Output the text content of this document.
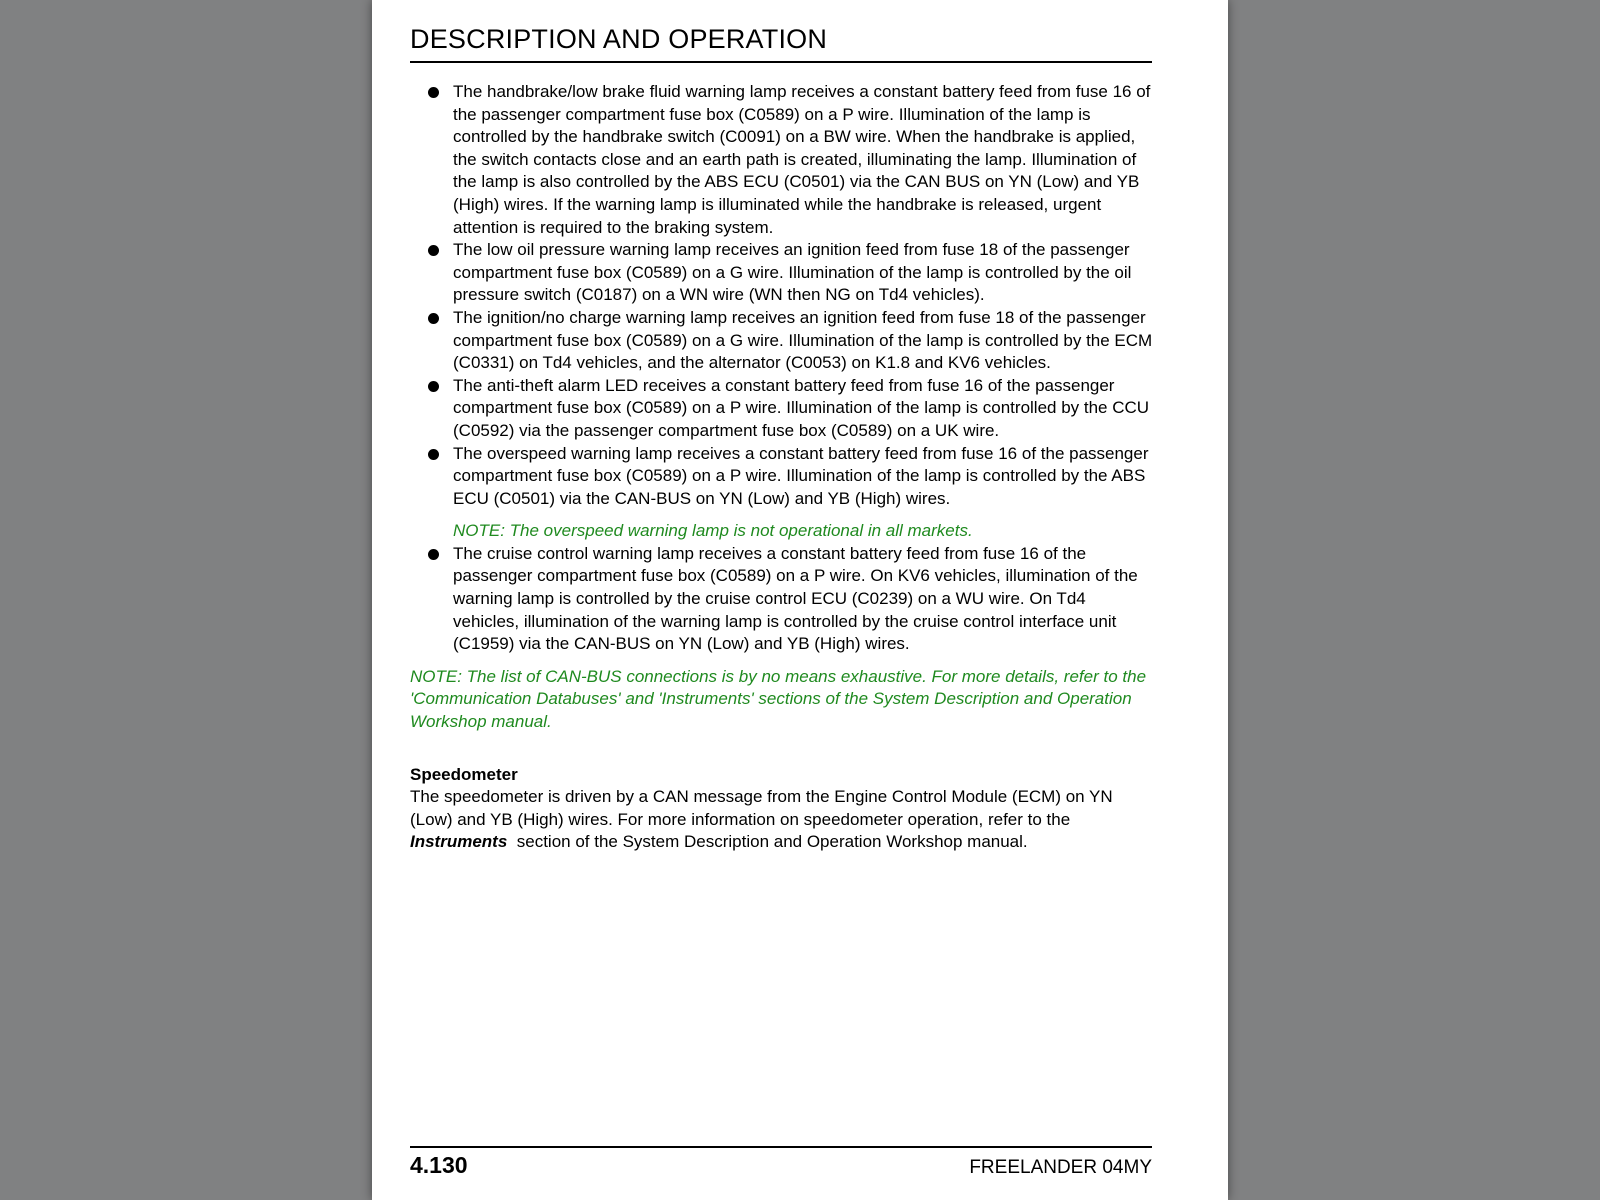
DESCRIPTION AND OPERATION
The handbrake/low brake fluid warning lamp receives a constant battery feed from fuse 16 of the passenger compartment fuse box (C0589) on a P wire. Illumination of the lamp is controlled by the handbrake switch (C0091) on a BW wire. When the handbrake is applied, the switch contacts close and an earth path is created, illuminating the lamp. Illumination of the lamp is also controlled by the ABS ECU (C0501) via the CAN BUS on YN (Low) and YB (High) wires. If the warning lamp is illuminated while the handbrake is released, urgent attention is required to the braking system.
The low oil pressure warning lamp receives an ignition feed from fuse 18 of the passenger compartment fuse box (C0589) on a G wire. Illumination of the lamp is controlled by the oil pressure switch (C0187) on a WN wire (WN then NG on Td4 vehicles).
The ignition/no charge warning lamp receives an ignition feed from fuse 18 of the passenger compartment fuse box (C0589) on a G wire. Illumination of the lamp is controlled by the ECM (C0331) on Td4 vehicles, and the alternator (C0053) on K1.8 and KV6 vehicles.
The anti-theft alarm LED receives a constant battery feed from fuse 16 of the passenger compartment fuse box (C0589) on a P wire. Illumination of the lamp is controlled by the CCU (C0592) via the passenger compartment fuse box (C0589) on a UK wire.
The overspeed warning lamp receives a constant battery feed from fuse 16 of the passenger compartment fuse box (C0589) on a P wire. Illumination of the lamp is controlled by the ABS ECU (C0501) via the CAN-BUS on YN (Low) and YB (High) wires.
NOTE: The overspeed warning lamp is not operational in all markets.
The cruise control warning lamp receives a constant battery feed from fuse 16 of the passenger compartment fuse box (C0589) on a P wire. On KV6 vehicles, illumination of the warning lamp is controlled by the cruise control ECU (C0239) on a WU wire. On Td4 vehicles, illumination of the warning lamp is controlled by the cruise control interface unit (C1959) via the CAN-BUS on YN (Low) and YB (High) wires.
NOTE: The list of CAN-BUS connections is by no means exhaustive. For more details, refer to the 'Communication Databuses' and 'Instruments' sections of the System Description and Operation Workshop manual.
Speedometer
The speedometer is driven by a CAN message from the Engine Control Module (ECM) on YN (Low) and YB (High) wires. For more information on speedometer operation, refer to the Instruments  section of the System Description and Operation Workshop manual.
4.130	FREELANDER 04MY
